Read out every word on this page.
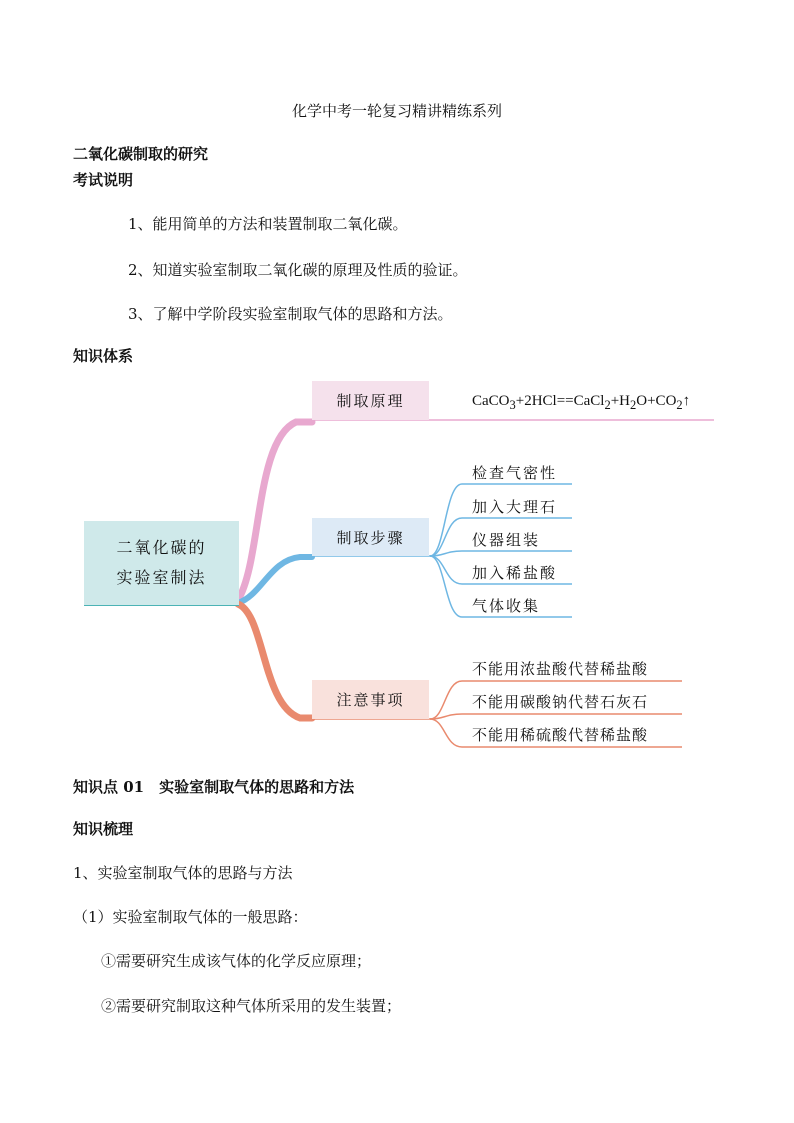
化学中考一轮复习精讲精练系列
二氧化碳制取的研究
考试说明
1、能用简单的方法和装置制取二氧化碳。
2、知道实验室制取二氧化碳的原理及性质的验证。
3、了解中学阶段实验室制取气体的思路和方法。
知识体系
二氧化碳的
实验室制法
制取原理
制取步骤
注意事项
$CaCO_3+2HCl==CaCl_2+H_2O+CO_2↑$
检查气密性
加入大理石
仪器组装
加入稀盐酸
气体收集
不能用浓盐酸代替稀盐酸
不能用碳酸钠代替石灰石
不能用稀硫酸代替稀盐酸
知识点 01　实验室制取气体的思路和方法
知识梳理
1、实验室制取气体的思路与方法
（1）实验室制取气体的一般思路：
①需要研究生成该气体的化学反应原理；
②需要研究制取这种气体所采用的发生装置；
